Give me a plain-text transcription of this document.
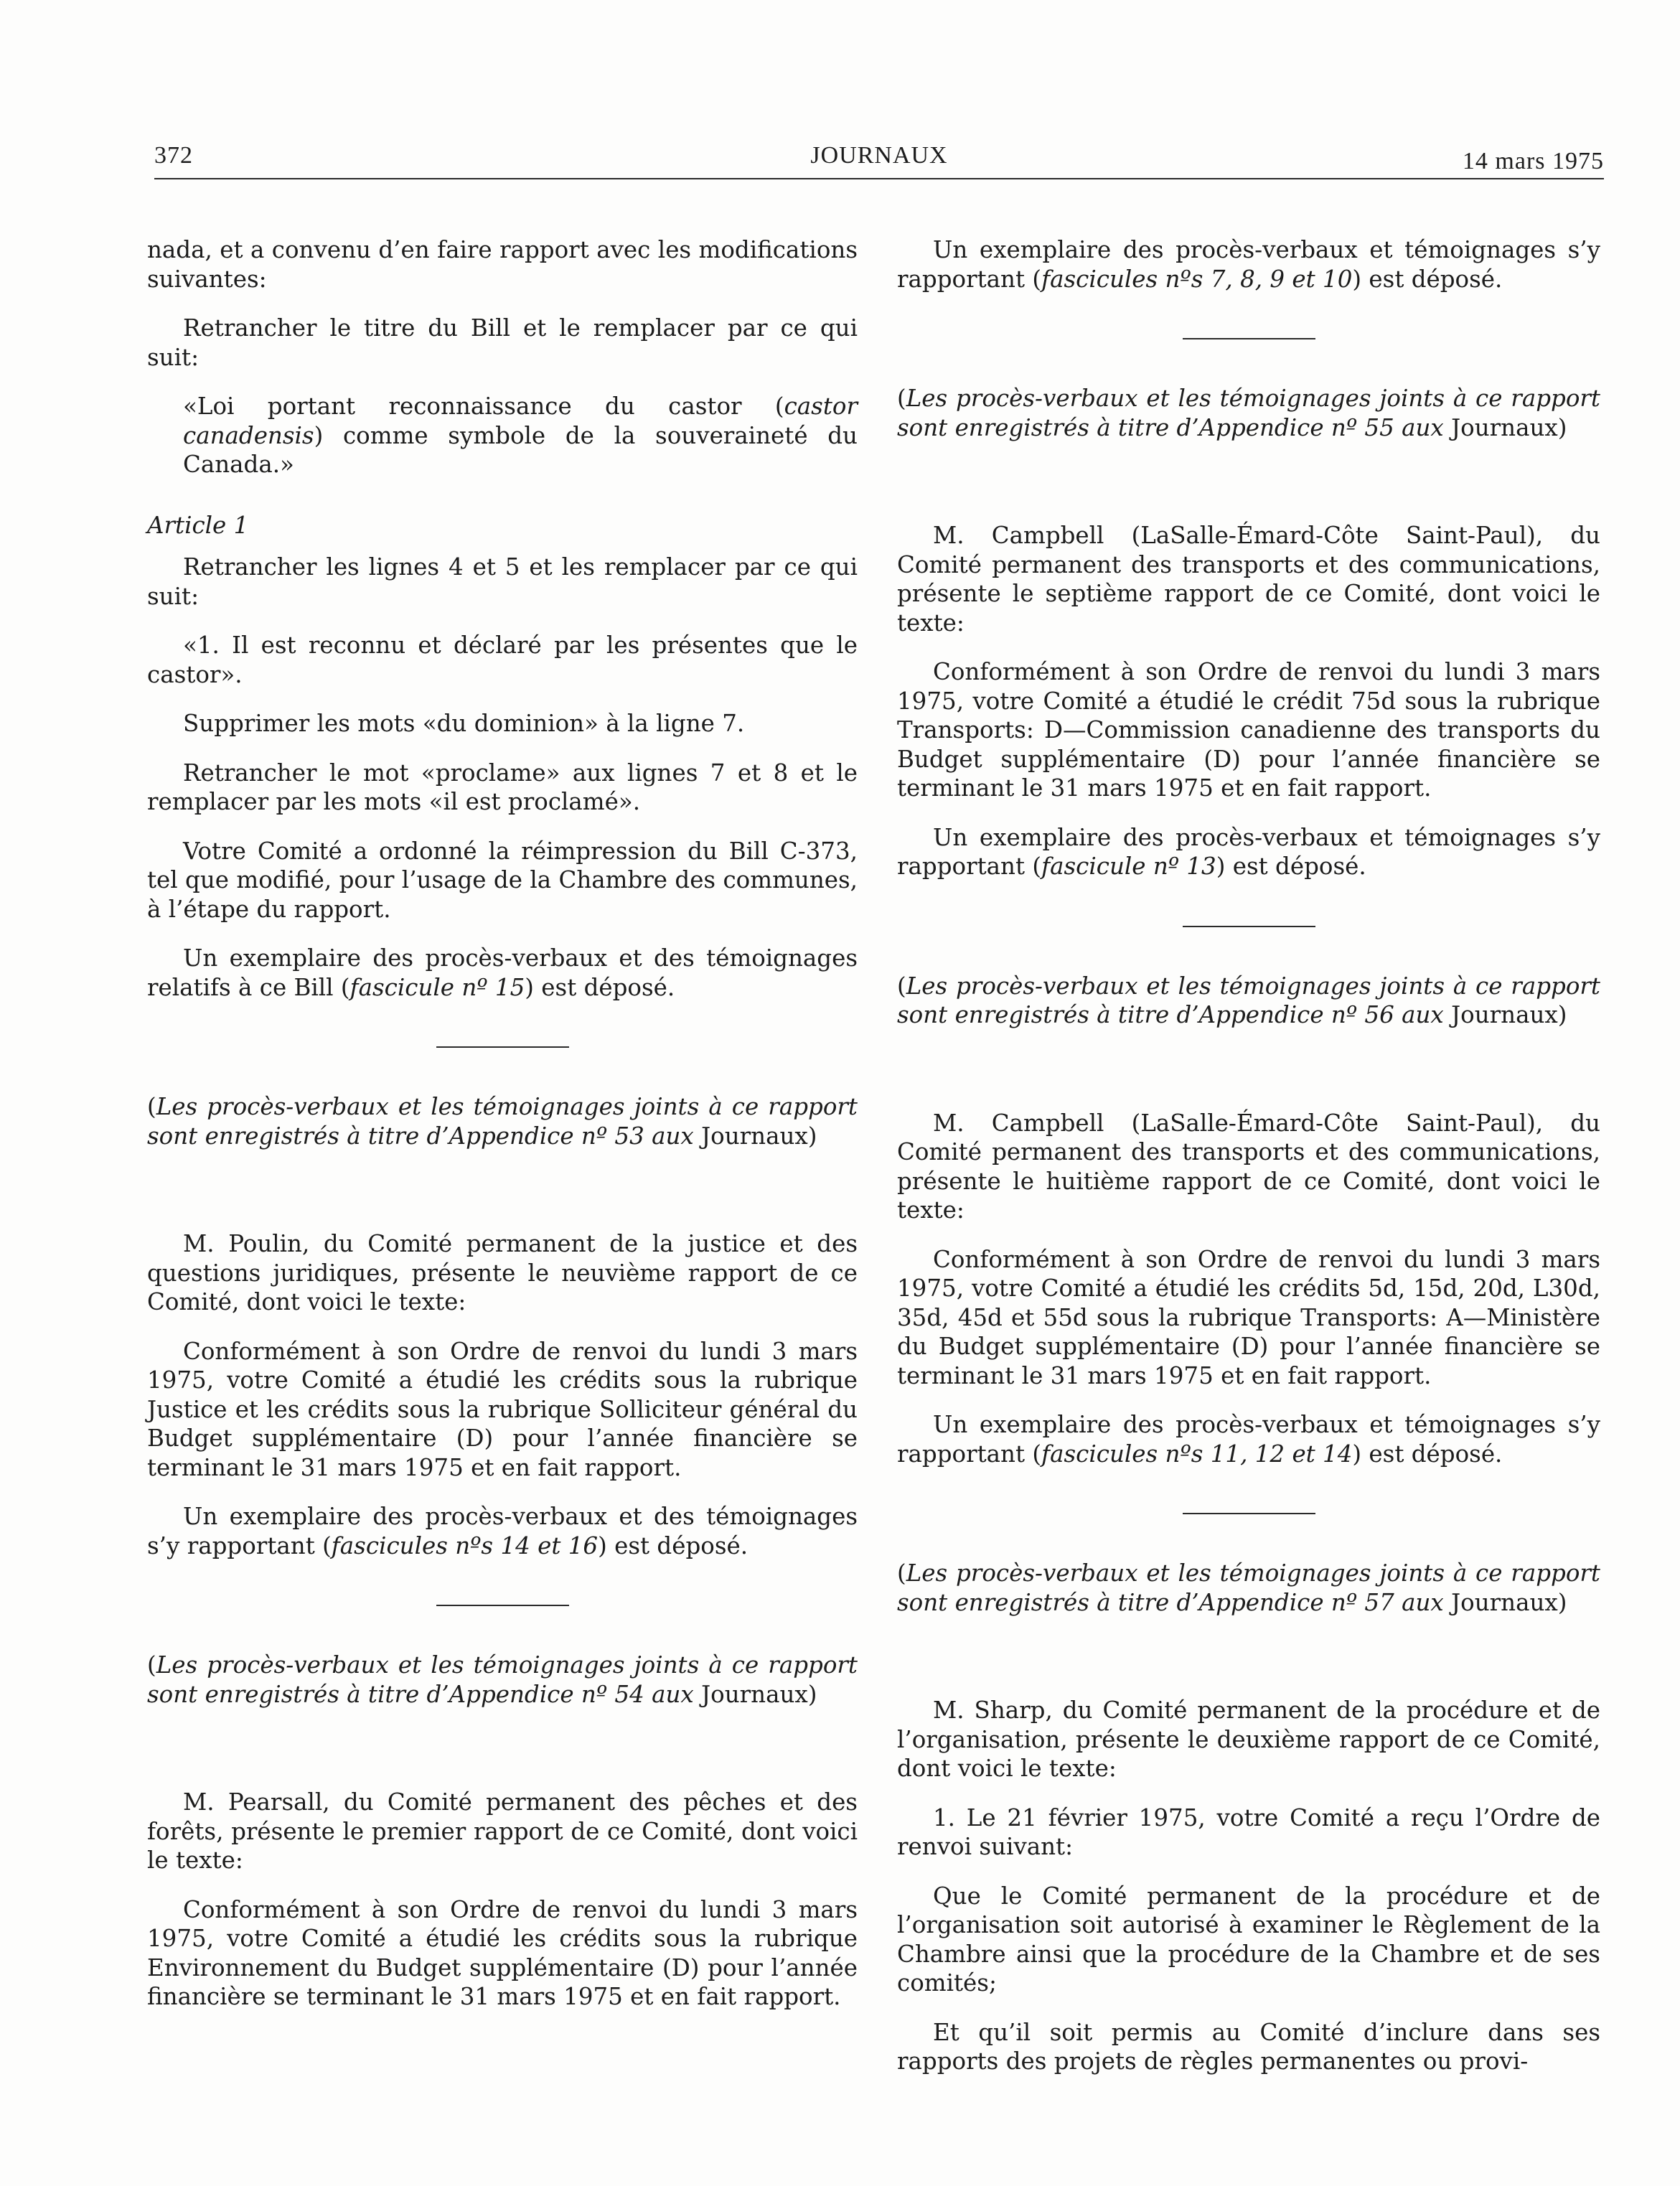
372	JOURNAUX	14 mars 1975

nada, et a convenu d’en faire rapport avec les modifications suivantes:

Retrancher le titre du Bill et le remplacer par ce qui suit:

«Loi portant reconnaissance du castor (castor canadensis) comme symbole de la souveraineté du Canada.»

Article 1

Retrancher les lignes 4 et 5 et les remplacer par ce qui suit:

«1. Il est reconnu et déclaré par les présentes que le castor».

Supprimer les mots «du dominion» à la ligne 7.

Retrancher le mot «proclame» aux lignes 7 et 8 et le remplacer par les mots «il est proclamé».

Votre Comité a ordonné la réimpression du Bill C-373, tel que modifié, pour l’usage de la Chambre des communes, à l’étape du rapport.

Un exemplaire des procès-verbaux et des témoignages relatifs à ce Bill (fascicule nº 15) est déposé.

(Les procès-verbaux et les témoignages joints à ce rapport sont enregistrés à titre d’Appendice nº 53 aux Journaux)

M. Poulin, du Comité permanent de la justice et des questions juridiques, présente le neuvième rapport de ce Comité, dont voici le texte:

Conformément à son Ordre de renvoi du lundi 3 mars 1975, votre Comité a étudié les crédits sous la rubrique Justice et les crédits sous la rubrique Solliciteur général du Budget supplémentaire (D) pour l’année financière se terminant le 31 mars 1975 et en fait rapport.

Un exemplaire des procès-verbaux et des témoignages s’y rapportant (fascicules nºs 14 et 16) est déposé.

(Les procès-verbaux et les témoignages joints à ce rapport sont enregistrés à titre d’Appendice nº 54 aux Journaux)

M. Pearsall, du Comité permanent des pêches et des forêts, présente le premier rapport de ce Comité, dont voici le texte:

Conformément à son Ordre de renvoi du lundi 3 mars 1975, votre Comité a étudié les crédits sous la rubrique Environnement du Budget supplémentaire (D) pour l’année financière se terminant le 31 mars 1975 et en fait rapport.

Un exemplaire des procès-verbaux et témoignages s’y rapportant (fascicules nºs 7, 8, 9 et 10) est déposé.

(Les procès-verbaux et les témoignages joints à ce rapport sont enregistrés à titre d’Appendice nº 55 aux Journaux)

M. Campbell (LaSalle-Émard-Côte Saint-Paul), du Comité permanent des transports et des communications, présente le septième rapport de ce Comité, dont voici le texte:

Conformément à son Ordre de renvoi du lundi 3 mars 1975, votre Comité a étudié le crédit 75d sous la rubrique Transports: D—Commission canadienne des transports du Budget supplémentaire (D) pour l’année financière se terminant le 31 mars 1975 et en fait rapport.

Un exemplaire des procès-verbaux et témoignages s’y rapportant (fascicule nº 13) est déposé.

(Les procès-verbaux et les témoignages joints à ce rapport sont enregistrés à titre d’Appendice nº 56 aux Journaux)

M. Campbell (LaSalle-Émard-Côte Saint-Paul), du Comité permanent des transports et des communications, présente le huitième rapport de ce Comité, dont voici le texte:

Conformément à son Ordre de renvoi du lundi 3 mars 1975, votre Comité a étudié les crédits 5d, 15d, 20d, L30d, 35d, 45d et 55d sous la rubrique Transports: A—Ministère du Budget supplémentaire (D) pour l’année financière se terminant le 31 mars 1975 et en fait rapport.

Un exemplaire des procès-verbaux et témoignages s’y rapportant (fascicules nºs 11, 12 et 14) est déposé.

(Les procès-verbaux et les témoignages joints à ce rapport sont enregistrés à titre d’Appendice nº 57 aux Journaux)

M. Sharp, du Comité permanent de la procédure et de l’organisation, présente le deuxième rapport de ce Comité, dont voici le texte:

1. Le 21 février 1975, votre Comité a reçu l’Ordre de renvoi suivant:

Que le Comité permanent de la procédure et de l’organisation soit autorisé à examiner le Règlement de la Chambre ainsi que la procédure de la Chambre et de ses comités;

Et qu’il soit permis au Comité d’inclure dans ses rapports des projets de règles permanentes ou provi-
